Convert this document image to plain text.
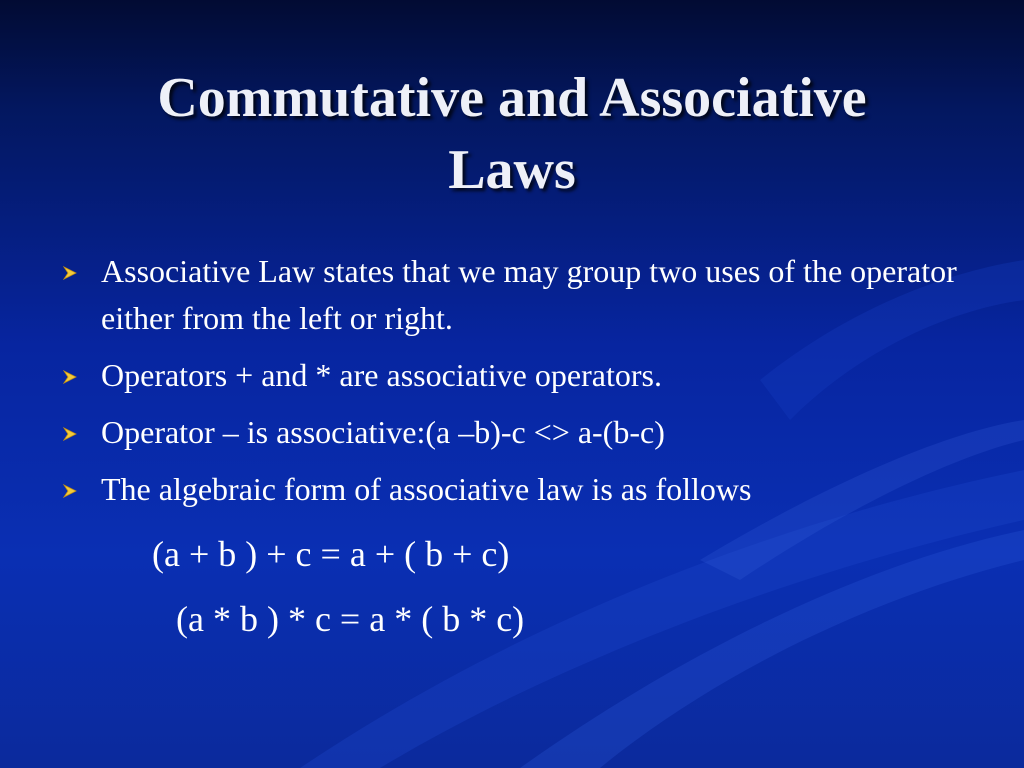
Commutative and Associative
Laws
Associative Law states that we may group two uses of the operator either from the left or right.
Operators + and * are associative operators.
Operator – is associative:(a –b)-c <> a-(b-c)
The algebraic form of associative law is as follows
(a + b ) + c = a + ( b + c)
(a * b ) * c = a * ( b * c)
